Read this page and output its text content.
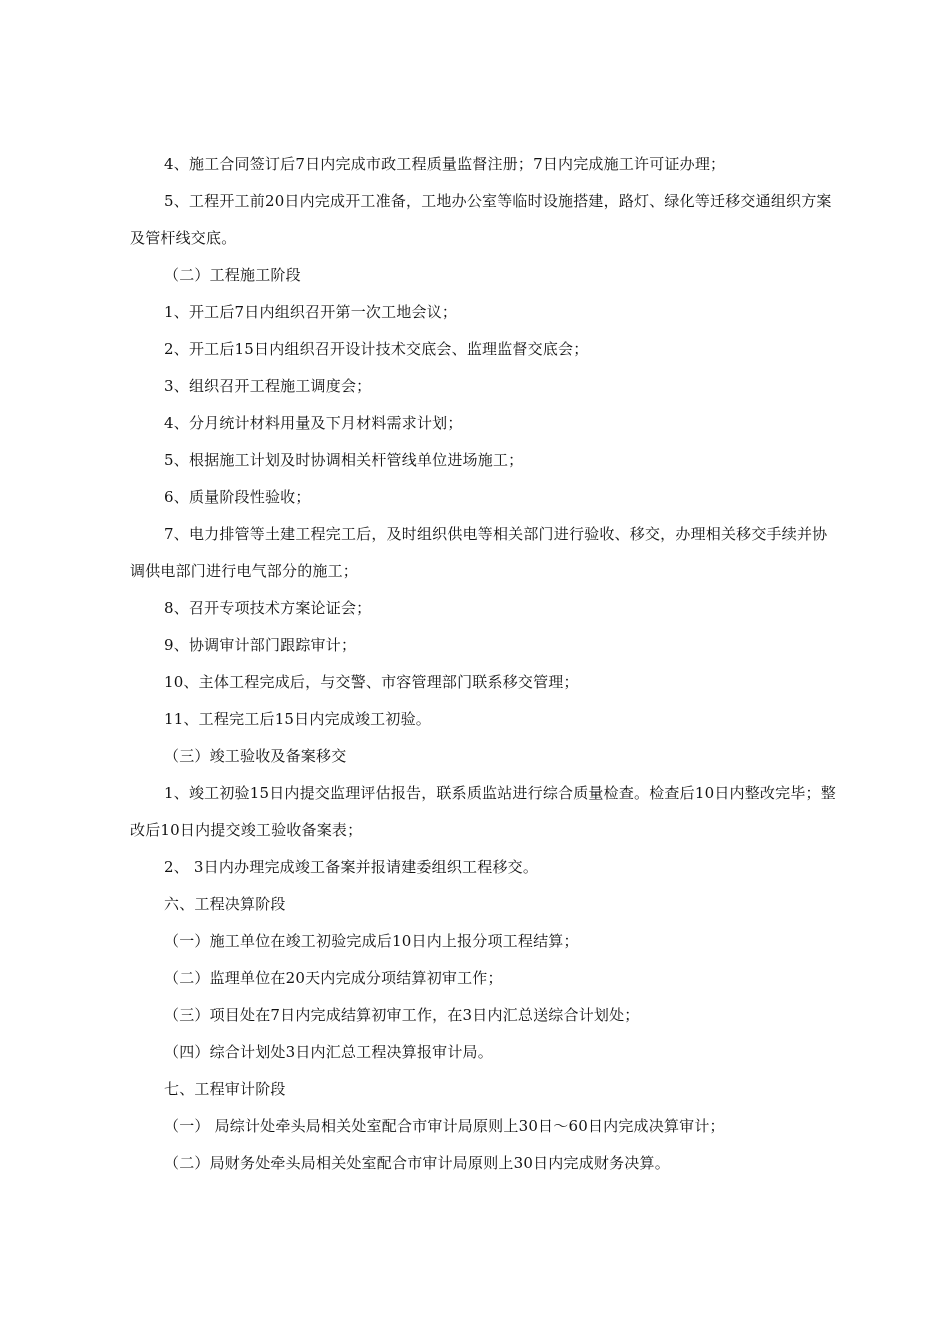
4、施工合同签订后7日内完成市政工程质量监督注册；7日内完成施工许可证办理；

5、工程开工前20日内完成开工准备，工地办公室等临时设施搭建，路灯、绿化等迁移交通组织方案及管杆线交底。

（二）工程施工阶段

1、开工后7日内组织召开第一次工地会议；

2、开工后15日内组织召开设计技术交底会、监理监督交底会；

3、组织召开工程施工调度会；

4、分月统计材料用量及下月材料需求计划；

5、根据施工计划及时协调相关杆管线单位进场施工；

6、质量阶段性验收；

7、电力排管等土建工程完工后，及时组织供电等相关部门进行验收、移交，办理相关移交手续并协调供电部门进行电气部分的施工；

8、召开专项技术方案论证会；

9、协调审计部门跟踪审计；

10、主体工程完成后，与交警、市容管理部门联系移交管理；

11、工程完工后15日内完成竣工初验。

（三）竣工验收及备案移交

1、竣工初验15日内提交监理评估报告，联系质监站进行综合质量检查。检查后10日内整改完毕；整改后10日内提交竣工验收备案表；

2、 3日内办理完成竣工备案并报请建委组织工程移交。

六、工程决算阶段

（一）施工单位在竣工初验完成后10日内上报分项工程结算；

（二）监理单位在20天内完成分项结算初审工作；

（三）项目处在7日内完成结算初审工作，在3日内汇总送综合计划处；

（四）综合计划处3日内汇总工程决算报审计局。

七、工程审计阶段

（一） 局综计处牵头局相关处室配合市审计局原则上30日～60日内完成决算审计；

（二）局财务处牵头局相关处室配合市审计局原则上30日内完成财务决算。
